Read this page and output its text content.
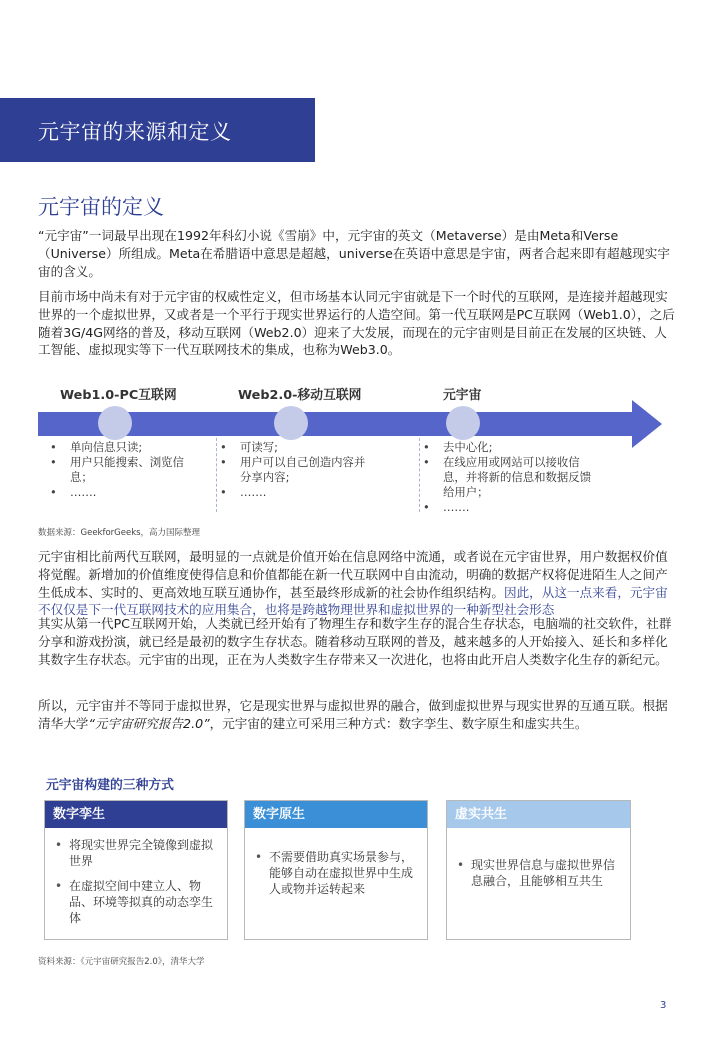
元宇宙的来源和定义
元宇宙的定义

“元宇宙”一词最早出现在1992年科幻小说《雪崩》中，元宇宙的英文（Metaverse）是由Meta和Verse（Universe）所组成。Meta在希腊语中意思是超越，universe在英语中意思是宇宙，两者合起来即有超越现实宇宙的含义。

目前市场中尚未有对于元宇宙的权威性定义，但市场基本认同元宇宙就是下一个时代的互联网，是连接并超越现实世界的一个虚拟世界，又或者是一个平行于现实世界运行的人造空间。第一代互联网是PC互联网（Web1.0），之后随着3G/4G网络的普及，移动互联网（Web2.0）迎来了大发展，而现在的元宇宙则是目前正在发展的区块链、人工智能、虚拟现实等下一代互联网技术的集成，也称为Web3.0。

Web1.0-PC互联网	Web2.0-移动互联网	元宇宙
• 单向信息只读;
• 用户只能搜索、浏览信息；
• …….
• 可读写;
• 用户可以自己创造内容并分享内容;
• …….
• 去中心化;
• 在线应用或网站可以接收信息，并将新的信息和数据反馈给用户；
• …….
数据来源：GeekforGeeks，高力国际整理

元宇宙相比前两代互联网，最明显的一点就是价值开始在信息网络中流通，或者说在元宇宙世界，用户数据权价值将觉醒。新增加的价值维度使得信息和价值都能在新一代互联网中自由流动，明确的数据产权将促进陌生人之间产生低成本、实时的、更高效地互联互通协作，甚至最终形成新的社会协作组织结构。因此，从这一点来看，元宇宙不仅仅是下一代互联网技术的应用集合，也将是跨越物理世界和虚拟世界的一种新型社会形态

其实从第一代PC互联网开始，人类就已经开始有了物理生存和数字生存的混合生存状态，电脑端的社交软件，社群分享和游戏扮演，就已经是最初的数字生存状态。随着移动互联网的普及，越来越多的人开始接入、延长和多样化其数字生存状态。元宇宙的出现，正在为人类数字生存带来又一次进化，也将由此开启人类数字化生存的新纪元。

所以，元宇宙并不等同于虚拟世界，它是现实世界与虚拟世界的融合，做到虚拟世界与现实世界的互通互联。根据清华大学“元宇宙研究报告2.0”，元宇宙的建立可采用三种方式：数字孪生、数字原生和虚实共生。

元宇宙构建的三种方式
数字孪生
• 将现实世界完全镜像到虚拟世界
• 在虚拟空间中建立人、物品、环境等拟真的动态孪生体
数字原生
• 不需要借助真实场景参与，能够自动在虚拟世界中生成人或物并运转起来
虚实共生
• 现实世界信息与虚拟世界信息融合，且能够相互共生
资料来源：《元宇宙研究报告2.0》，清华大学
3
